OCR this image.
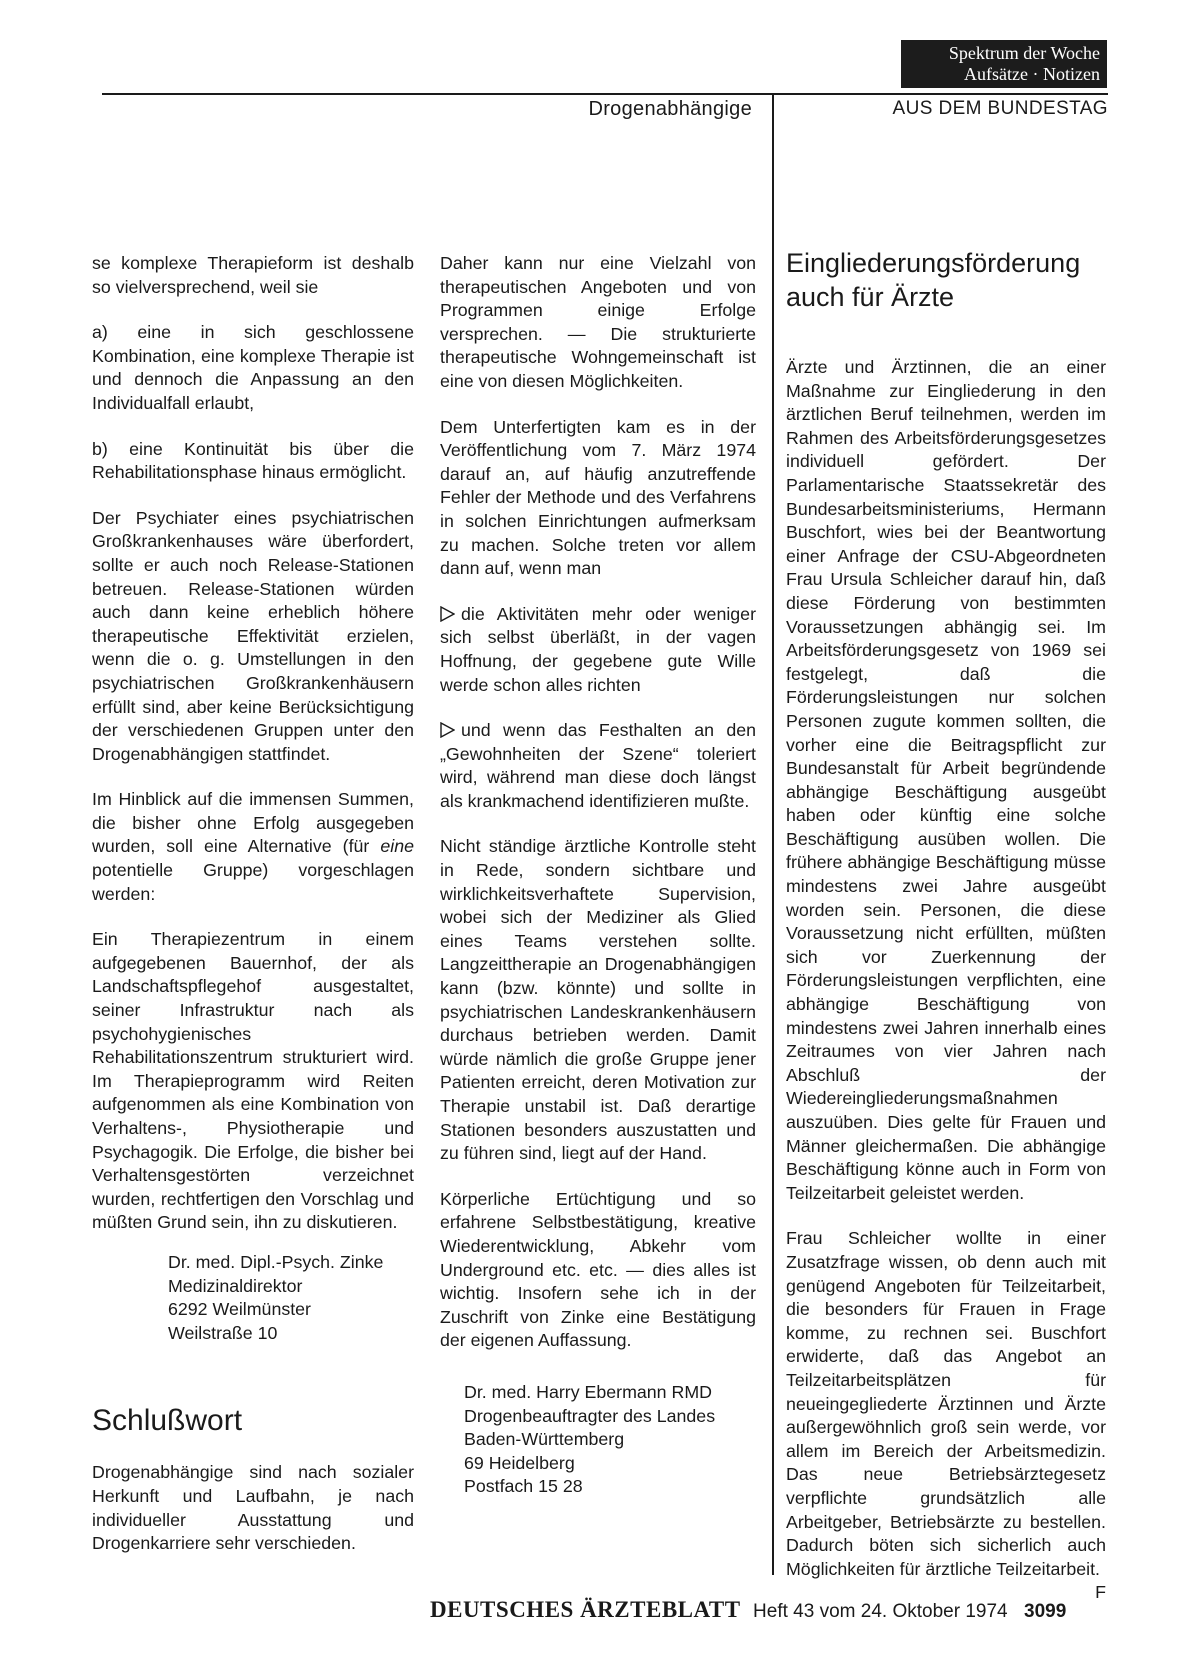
Spektrum der Woche
Aufsätze · Notizen
Drogenabhängige	AUS DEM BUNDESTAG

se komplexe Therapieform ist deshalb so vielversprechend, weil sie

a) eine in sich geschlossene Kombination, eine komplexe Therapie ist und dennoch die Anpassung an den Individualfall erlaubt,

b) eine Kontinuität bis über die Rehabilitationsphase hinaus ermöglicht.

Der Psychiater eines psychiatrischen Großkrankenhauses wäre überfordert, sollte er auch noch Release-Stationen betreuen. Release-Stationen würden auch dann keine erheblich höhere therapeutische Effektivität erzielen, wenn die o. g. Umstellungen in den psychiatrischen Großkrankenhäusern erfüllt sind, aber keine Berücksichtigung der verschiedenen Gruppen unter den Drogenabhängigen stattfindet.

Im Hinblick auf die immensen Summen, die bisher ohne Erfolg ausgegeben wurden, soll eine Alternative (für eine potentielle Gruppe) vorgeschlagen werden:

Ein Therapiezentrum in einem aufgegebenen Bauernhof, der als Landschaftspflegehof ausgestaltet, seiner Infrastruktur nach als psychohygienisches Rehabilitationszentrum strukturiert wird. Im Therapieprogramm wird Reiten aufgenommen als eine Kombination von Verhaltens-, Physiotherapie und Psychagogik. Die Erfolge, die bisher bei Verhaltensgestörten verzeichnet wurden, rechtfertigen den Vorschlag und müßten Grund sein, ihn zu diskutieren.

Dr. med. Dipl.-Psych. Zinke
Medizinaldirektor
6292 Weilmünster
Weilstraße 10
Schlußwort

Drogenabhängige sind nach sozialer Herkunft und Laufbahn, je nach individueller Ausstattung und Drogenkarriere sehr verschieden.

Daher kann nur eine Vielzahl von therapeutischen Angeboten und von Programmen einige Erfolge versprechen. — Die strukturierte therapeutische Wohngemeinschaft ist eine von diesen Möglichkeiten.

Dem Unterfertigten kam es in der Veröffentlichung vom 7. März 1974 darauf an, auf häufig anzutreffende Fehler der Methode und des Verfahrens in solchen Einrichtungen aufmerksam zu machen. Solche treten vor allem dann auf, wenn man

die Aktivitäten mehr oder weniger sich selbst überläßt, in der vagen Hoffnung, der gegebene gute Wille werde schon alles richten

und wenn das Festhalten an den „Gewohnheiten der Szene“ toleriert wird, während man diese doch längst als krankmachend identifizieren mußte.

Nicht ständige ärztliche Kontrolle steht in Rede, sondern sichtbare und wirklichkeitsverhaftete Supervision, wobei sich der Mediziner als Glied eines Teams verstehen sollte. Langzeittherapie an Drogenabhängigen kann (bzw. könnte) und sollte in psychiatrischen Landeskrankenhäusern durchaus betrieben werden. Damit würde nämlich die große Gruppe jener Patienten erreicht, deren Motivation zur Therapie unstabil ist. Daß derartige Stationen besonders auszustatten und zu führen sind, liegt auf der Hand.

Körperliche Ertüchtigung und so erfahrene Selbstbestätigung, kreative Wiederentwicklung, Abkehr vom Underground etc. etc. — dies alles ist wichtig. Insofern sehe ich in der Zuschrift von Zinke eine Bestätigung der eigenen Auffassung.

Dr. med. Harry Ebermann RMD
Drogenbeauftragter des Landes
Baden-Württemberg
69 Heidelberg
Postfach 15 28
Eingliederungsförderung
auch für Ärzte

Ärzte und Ärztinnen, die an einer Maßnahme zur Eingliederung in den ärztlichen Beruf teilnehmen, werden im Rahmen des Arbeitsförderungsgesetzes individuell gefördert. Der Parlamentarische Staatssekretär des Bundesarbeitsministeriums, Hermann Buschfort, wies bei der Beantwortung einer Anfrage der CSU-Abgeordneten Frau Ursula Schleicher darauf hin, daß diese Förderung von bestimmten Voraussetzungen abhängig sei. Im Arbeitsförderungsgesetz von 1969 sei festgelegt, daß die Förderungsleistungen nur solchen Personen zugute kommen sollten, die vorher eine die Beitragspflicht zur Bundesanstalt für Arbeit begründende abhängige Beschäftigung ausgeübt haben oder künftig eine solche Beschäftigung ausüben wollen. Die frühere abhängige Beschäftigung müsse mindestens zwei Jahre ausgeübt worden sein. Personen, die diese Voraussetzung nicht erfüllten, müßten sich vor Zuerkennung der Förderungsleistungen verpflichten, eine abhängige Beschäftigung von mindestens zwei Jahren innerhalb eines Zeitraumes von vier Jahren nach Abschluß der Wiedereingliederungsmaßnahmen auszuüben. Dies gelte für Frauen und Männer gleichermaßen. Die abhängige Beschäftigung könne auch in Form von Teilzeitarbeit geleistet werden.

Frau Schleicher wollte in einer Zusatzfrage wissen, ob denn auch mit genügend Angeboten für Teilzeitarbeit, die besonders für Frauen in Frage komme, zu rechnen sei. Buschfort erwiderte, daß das Angebot an Teilzeitarbeitsplätzen für neueingegliederte Ärztinnen und Ärzte außergewöhnlich groß sein werde, vor allem im Bereich der Arbeitsmedizin. Das neue Betriebsärztegesetz verpflichte grundsätzlich alle Arbeitgeber, Betriebsärzte zu bestellen. Dadurch böten sich sicherlich auch Möglichkeiten für ärztliche Teilzeitarbeit.
F

DEUTSCHES ÄRZTEBLATT Heft 43 vom 24. Oktober 1974 3099
